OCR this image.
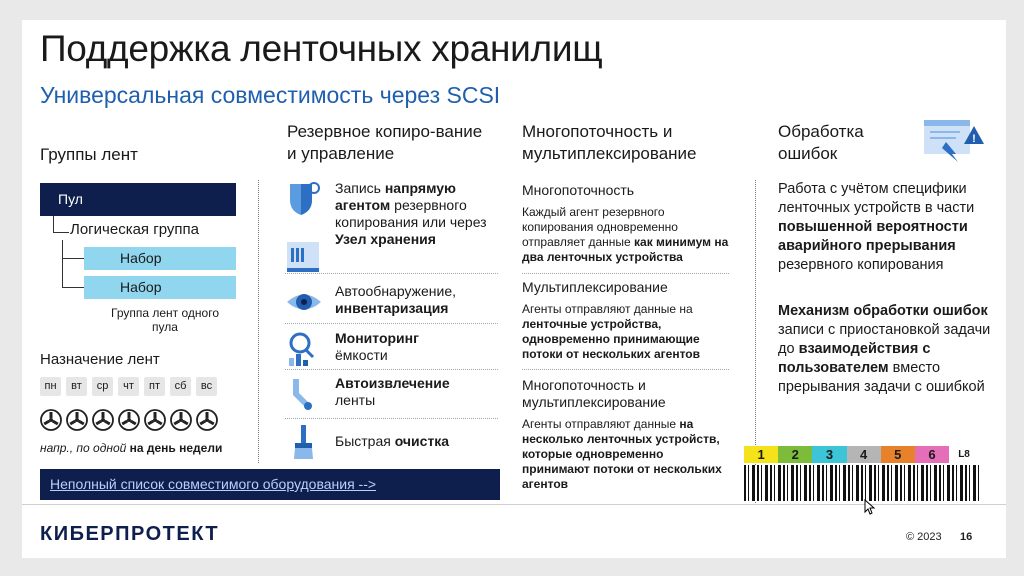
Поддержка ленточных хранилищ
Универсальная совместимость через SCSI
Группы лент
Пул
Логическая группа
Набор
Набор
Группа лент одного пула
Назначение лент
пн	вт	ср	чт	пт	сб	вс
напр., по одной на день недели
Неполный список совместимого оборудования -->
Резервное копиро-вание и управление
Запись напрямую агентом резервного копирования или через Узел хранения
Автообнаружение, инвентаризация
Мониторинг
ёмкости
Автоизвлечение
ленты
Быстрая очистка
Многопоточность и мультиплексирование
Многопоточность
Каждый агент резервного копирования одновременно отправляет данные как минимум на два ленточных устройства
Мультиплексирование
Агенты отправляют данные на ленточные устройства, одновременно принимающие потоки от нескольких агентов
Многопоточность и мультиплексирование
Агенты отправляют данные на несколько ленточных устройств, которые одновременно принимают потоки от нескольких агентов
Обработка ошибок
!
Работа с учётом специфики ленточных устройств в части повышенной вероятности аварийного прерывания резервного копирования
Механизм обработки ошибок записи с приостановкой задачи до взаимодействия с пользователем вместо прерывания задачи с ошибкой
1	2	3	4	5	6	L8
КИБЕРПРОТЕКТ	© 2023 16
